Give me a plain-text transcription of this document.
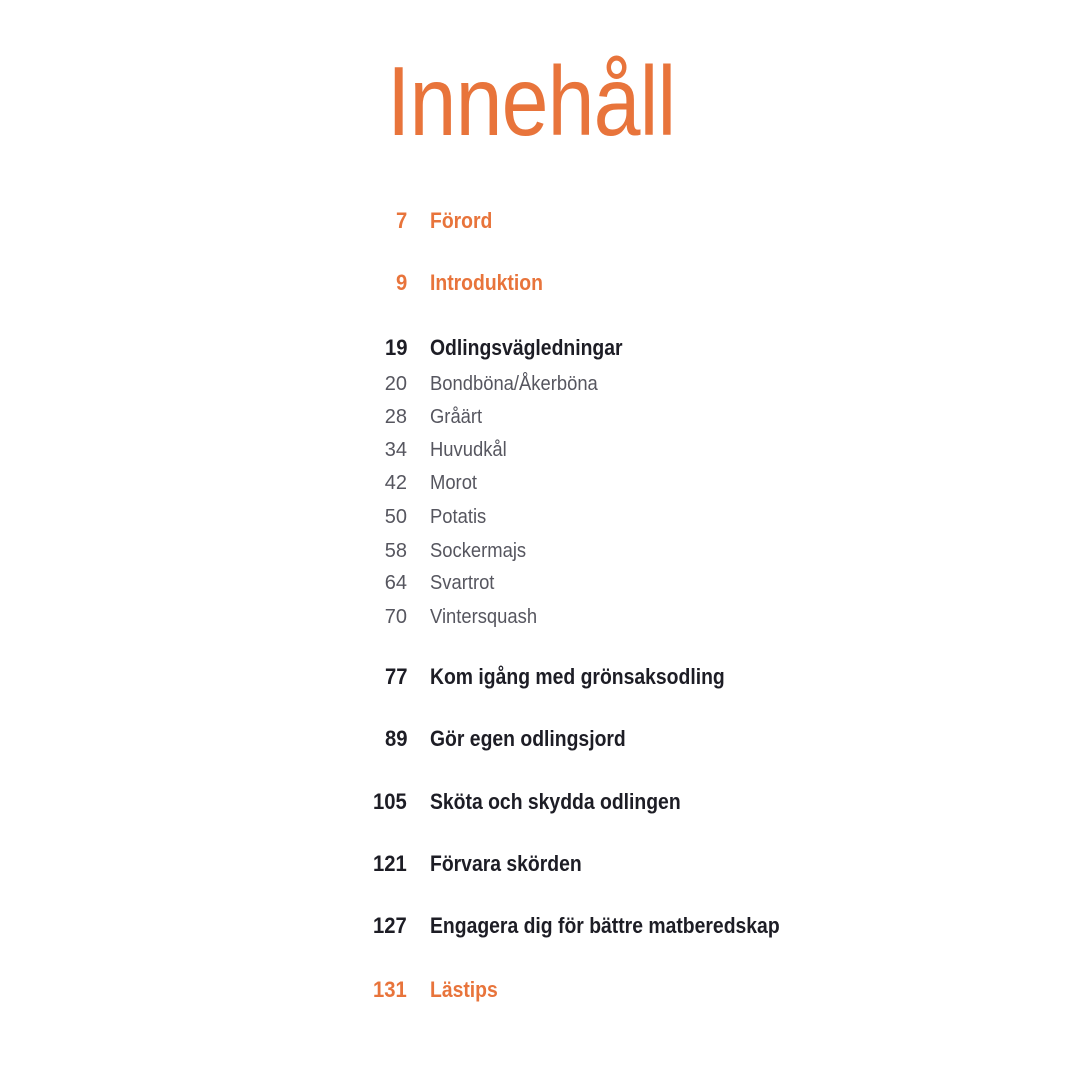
Innehåll
7 Förord
9 Introduktion
19 Odlingsvägledningar
20 Bondböna/Åkerböna
28 Gråärt
34 Huvudkål
42 Morot
50 Potatis
58 Sockermajs
64 Svartrot
70 Vintersquash
77 Kom igång med grönsaksodling
89 Gör egen odlingsjord
105 Sköta och skydda odlingen
121 Förvara skörden
127 Engagera dig för bättre matberedskap
131 Lästips
